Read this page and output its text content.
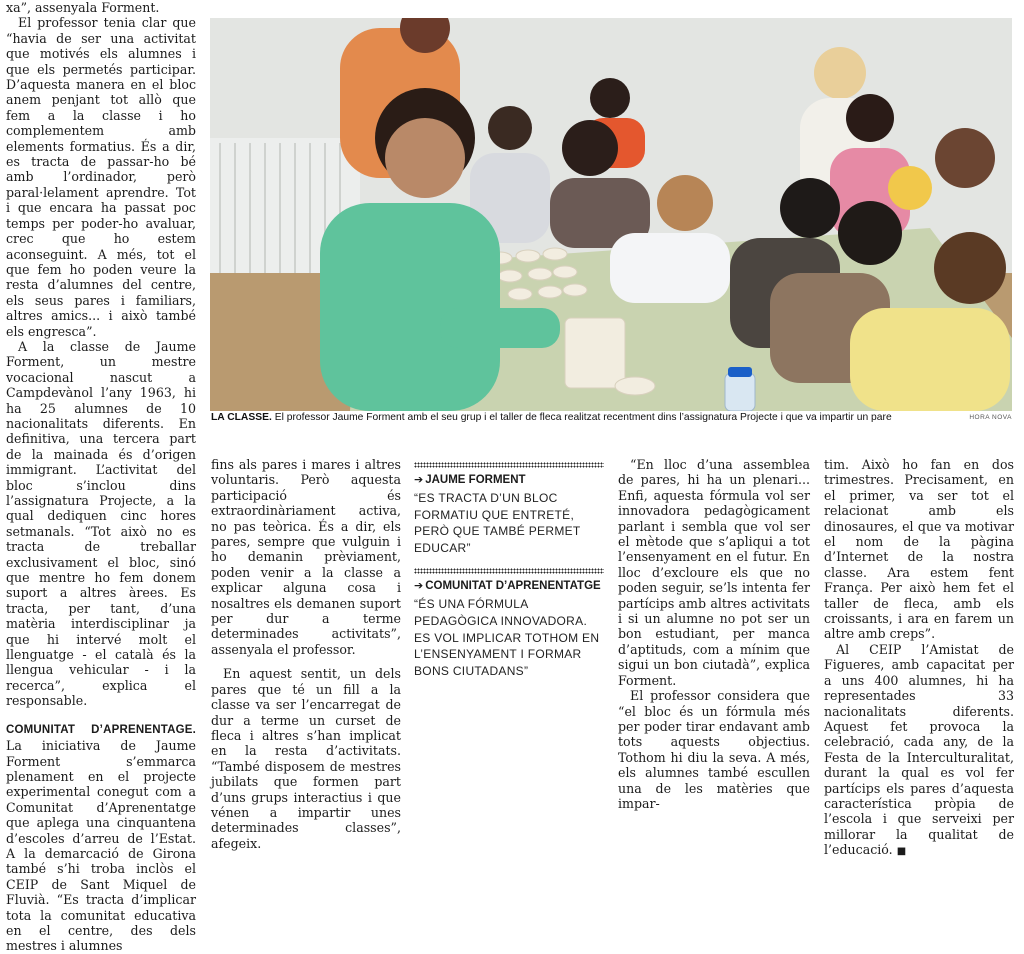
xa”, assenyala Forment.

El professor tenia clar que “havia de ser una activitat que motivés els alumnes i que els permetés participar. D’aquesta manera en el bloc anem penjant tot allò que fem a la classe i ho complementem amb elements formatius. És a dir, es tracta de passar-ho bé amb l’ordinador, però paral·lelament aprendre. Tot i que encara ha passat poc temps per poder-ho avaluar, crec que ho estem aconseguint. A més, tot el que fem ho poden veure la resta d’alumnes del centre, els seus pares i familiars, altres amics... i això també els engresca”.

A la classe de Jaume Forment, un mestre vocacional nascut a Campdevànol l’any 1963, hi ha 25 alumnes de 10 nacionalitats diferents. En definitiva, una tercera part de la mainada és d’origen immigrant. L’activitat del bloc s’inclou dins l’assignatura Projecte, a la qual dediquen cinc hores setmanals. “Tot això no es tracta de treballar exclusivament el bloc, sinó que mentre ho fem donem suport a altres àrees. Es tracta, per tant, d’una matèria interdisciplinar ja que hi intervé molt el llenguatge - el català és la llengua vehicular - i la recerca”, explica el responsable.

COMUNITAT D’APRENENTAGE. La iniciativa de Jaume Forment s’emmarca plenament en el projecte experimental conegut com a Comunitat d’Aprenentatge que aplega una cinquantena d’escoles d’arreu de l’Estat. A la demarcació de Girona també s’hi troba inclòs el CEIP de Sant Miquel de Fluvià. “Es tracta d’implicar tota la comunitat educativa en el centre, des dels mestres i alumnes

LA CLASSE. El professor Jaume Forment amb el seu grup i el taller de fleca realitzat recentment dins l’assignatura Projecte i que va impartir un pare	HORA NOVA

fins als pares i mares i altres voluntaris. Però aquesta participació és extraordinàriament activa, no pas teòrica. És a dir, els pares, sempre que vulguin i ho demanin prèviament, poden venir a la classe a explicar alguna cosa i nosaltres els demanen suport per dur a terme determinades activitats”, assenyala el professor.

En aquest sentit, un dels pares que té un fill a la classe va ser l’encarregat de dur a terme un curset de fleca i altres s’han implicat en la resta d’activitats. “També disposem de mestres jubilats que formen part d’uns grups interactius i que vénen a impartir unes determinades classes”, afegeix.

➔ JAUME FORMENT
“ES TRACTA D’UN BLOC FORMATIU QUE ENTRETÉ, PERÒ QUE TAMBÉ PERMET EDUCAR”
➔ COMUNITAT D’APRENENTATGE
“ÉS UNA FÓRMULA PEDAGÒGICA INNOVADORA. ES VOL IMPLICAR TOTHOM EN L’ENSENYAMENT I FORMAR BONS CIUTADANS”

“En lloc d’una assemblea de pares, hi ha un plenari... Enfi, aquesta fórmula vol ser innovadora pedagògicament parlant i sembla que vol ser el mètode que s’apliqui a tot l’ensenyament en el futur. En lloc d’excloure els que no poden seguir, se’ls intenta fer partícips amb altres activitats i si un alumne no pot ser un bon estudiant, per manca d’aptituds, com a mínim que sigui un bon ciutadà”, explica Forment.

El professor considera que “el bloc és un fórmula més per poder tirar endavant amb tots aquests objectius. Tothom hi diu la seva. A més, els alumnes també escullen una de les matèries que impar-

tim. Això ho fan en dos trimestres. Precisament, en el primer, va ser tot el relacionat amb els dinosaures, el que va motivar el nom de la pàgina d’Internet de la nostra classe. Ara estem fent França. Per això hem fet el taller de fleca, amb els croissants, i ara en farem un altre amb creps”.

Al CEIP l’Amistat de Figueres, amb capacitat per a uns 400 alumnes, hi ha representades 33 nacionalitats diferents. Aquest fet provoca la celebració, cada any, de la Festa de la Interculturalitat, durant la qual es vol fer partícips els pares d’aquesta característica pròpia de l’escola i que serveixi per millorar la qualitat de l’educació. ■
